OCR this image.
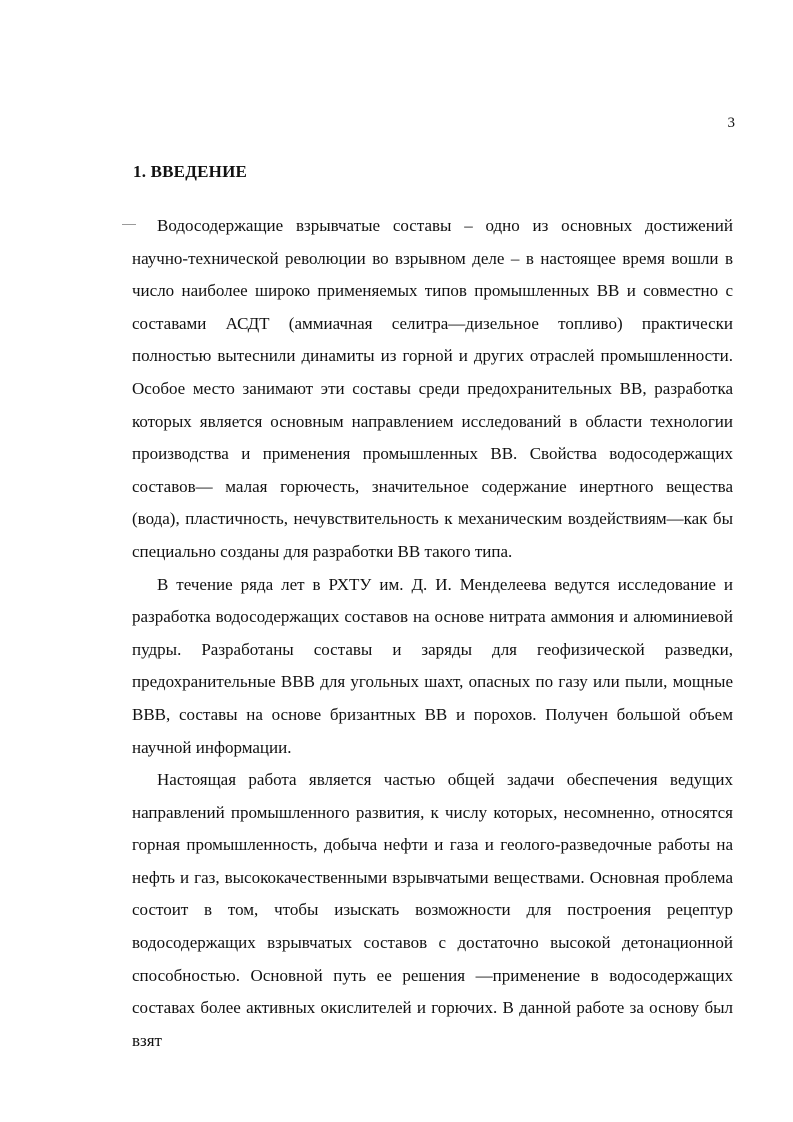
3
1. ВВЕДЕНИЕ

Водосодержащие взрывчатые составы – одно из основных достижений научно-технической революции во взрывном деле – в настоящее время вошли в число наиболее широко применяемых типов промышленных ВВ и совместно с составами АСДТ (аммиачная селитра—дизельное топливо) практически полностью вытеснили динамиты из горной и других отраслей промышленности. Особое место занимают эти составы среди предохранительных ВВ, разработка которых является основным направлением исследований в области технологии производства и применения промышленных ВВ. Свойства водосодержащих составов— малая горючесть, значительное содержание инертного вещества (вода), пластичность, нечувствительность к механическим воздействиям—как бы специально созданы для разработки ВВ такого типа.

В течение ряда лет в РХТУ им. Д. И. Менделеева ведутся исследование и разработка водосодержащих составов на основе нитрата аммония и алюминиевой пудры. Разработаны составы и заряды для геофизической разведки, предохранительные ВВВ для угольных шахт, опасных по газу или пыли, мощные ВВВ, составы на основе бризантных ВВ и порохов. Получен большой объем научной информации.

Настоящая работа является частью общей задачи обеспечения ведущих направлений промышленного развития, к числу которых, несомненно, относятся горная промышленность, добыча нефти и газа и геолого-разведочные работы на нефть и газ, высококачественными взрывчатыми веществами. Основная проблема состоит в том, чтобы изыскать возможности для построения рецептур водосодержащих взрывчатых составов с достаточно высокой детонационной способностью. Основной путь ее решения —применение в водосодержащих составах более активных окислителей и горючих. В данной работе за основу был взят
